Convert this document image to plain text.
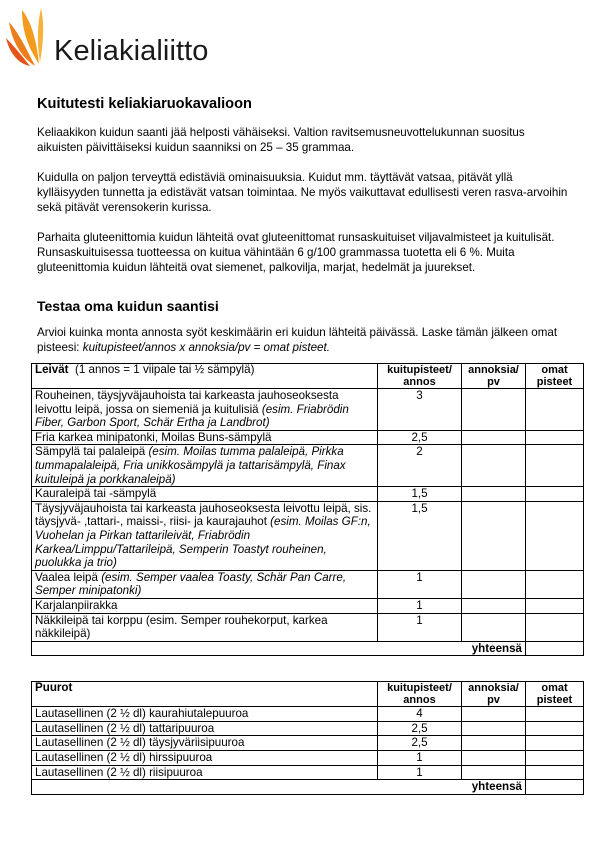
Keliakialiitto
Kuitutesti keliakiaruokavalioon

Keliaakikon kuidun saanti jää helposti vähäiseksi. Valtion ravitsemusneuvottelukunnan suositus aikuisten päivittäiseksi kuidun saanniksi on 25 – 35 grammaa.

Kuidulla on paljon terveyttä edistäviä ominaisuuksia. Kuidut mm. täyttävät vatsaa, pitävät yllä kylläisyyden tunnetta ja edistävät vatsan toimintaa. Ne myös vaikuttavat edullisesti veren rasva-arvoihin sekä pitävät verensokerin kurissa.

Parhaita gluteenittomia kuidun lähteitä ovat gluteenittomat runsaskuituiset viljavalmisteet ja kuitulisät. Runsaskuituisessa tuotteessa on kuitua vähintään 6 g/100 grammassa tuotetta eli 6 %. Muita gluteenittomia kuidun lähteitä ovat siemenet, palkovilja, marjat, hedelmät ja juurekset.

Testaa oma kuidun saantisi

Arvioi kuinka monta annosta syöt keskimäärin eri kuidun lähteitä päivässä. Laske tämän jälkeen omat pisteesi: kuitupisteet/annos x annoksia/pv = omat pisteet.

Leivät (1 annos = 1 viipale tai ½ sämpylä)	kuitupisteet/ annos	annoksia/ pv	omat pisteet
Rouheinen, täysjyväjauhoista tai karkeasta jauhoseoksesta leivottu leipä, jossa on siemeniä ja kuitulisiä (esim. Friabrödin Fiber, Garbon Sport, Schär Ertha ja Landbrot)	3		
Fria karkea minipatonki, Moilas Buns-sämpylä	2,5		
Sämpylä tai palaleipä (esim. Moilas tumma palaleipä, Pirkka tummapalaleipä, Fria unikkosämpylä ja tattarisämpylä, Finax kuituleipä ja porkkanaleipä)	2		
Kauraleipä tai -sämpylä	1,5		
Täysjyväjauhoista tai karkeasta jauhoseoksesta leivottu leipä, sis. täysjyvä- ,tattari-, maissi-, riisi- ja kaurajauhot (esim. Moilas GF:n, Vuohelan ja Pirkan tattarileivät, Friabrödin Karkea/Limppu/Tattarileipä, Semperin Toastyt rouheinen, puolukka ja trio)	1,5		
Vaalea leipä (esim. Semper vaalea Toasty, Schär Pan Carre, Semper minipatonki)	1		
Karjalanpiirakka	1		
Näkkileipä tai korppu (esim. Semper rouhekorput, karkea näkkileipä)	1		
	yhteensä		
Puurot	kuitupisteet/ annos	annoksia/ pv	omat pisteet
Lautasellinen (2 ½ dl) kaurahiutalepuuroa	4		
Lautasellinen (2 ½ dl) tattaripuuroa	2,5		
Lautasellinen (2 ½ dl) täysjyväriisipuuroa	2,5		
Lautasellinen (2 ½ dl) hirssipuuroa	1		
Lautasellinen (2 ½ dl) riisipuuroa	1		
	yhteensä		
